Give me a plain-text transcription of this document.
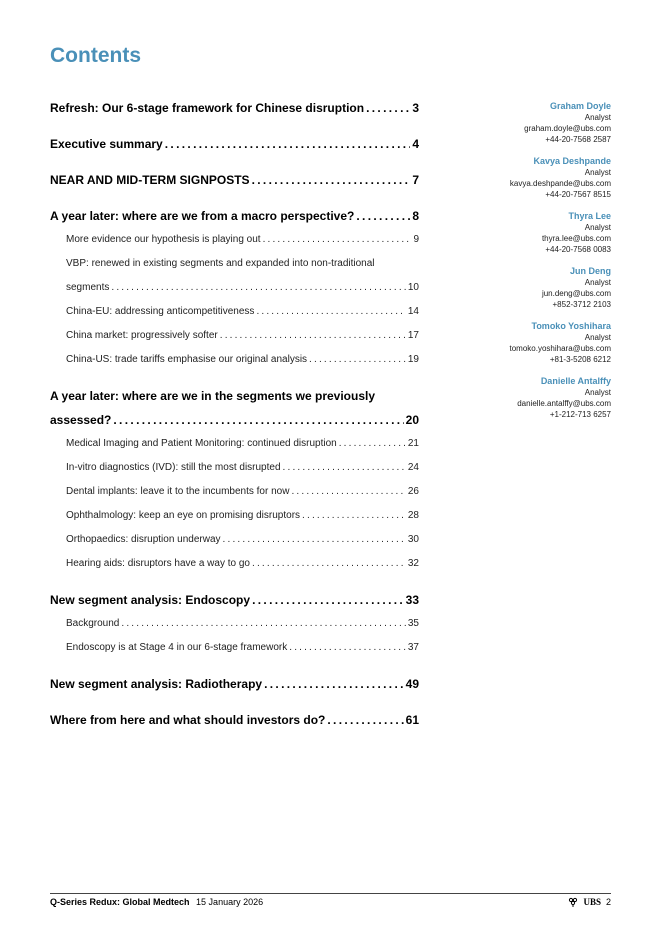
Contents
Refresh: Our 6-stage framework for Chinese disruption . . .	3
Executive summary . . .	4
NEAR AND MID-TERM SIGNPOSTS . . .	7
A year later: where are we from a macro perspective? . . .	8
More evidence our hypothesis is playing out . . .	9
VBP: renewed in existing segments and expanded into non-traditional
segments . . .	10
China-EU: addressing anticompetitiveness . . .	14
China market: progressively softer . . .	17
China-US: trade tariffs emphasise our original analysis . . .	19
A year later: where are we in the segments we previously
assessed? . . .	20
Medical Imaging and Patient Monitoring: continued disruption . . .	21
In-vitro diagnostics (IVD): still the most disrupted . . .	24
Dental implants: leave it to the incumbents for now . . .	26
Ophthalmology: keep an eye on promising disruptors . . .	28
Orthopaedics: disruption underway . . .	30
Hearing aids: disruptors have a way to go . . .	32
New segment analysis: Endoscopy . . .	33
Background . . .	35
Endoscopy is at Stage 4 in our 6-stage framework . . .	37
New segment analysis: Radiotherapy . . .	49
Where from here and what should investors do? . . .	61
Graham Doyle
Analyst
graham.doyle@ubs.com
+44-20-7568 2587
Kavya Deshpande
Analyst
kavya.deshpande@ubs.com
+44-20-7567 8515
Thyra Lee
Analyst
thyra.lee@ubs.com
+44-20-7568 0083
Jun Deng
Analyst
jun.deng@ubs.com
+852-3712 2103
Tomoko Yoshihara
Analyst
tomoko.yoshihara@ubs.com
+81-3-5208 6212
Danielle Antalffy
Analyst
danielle.antalffy@ubs.com
+1-212-713 6257
Q-Series Redux: Global Medtech 15 January 2026	UBS 2
